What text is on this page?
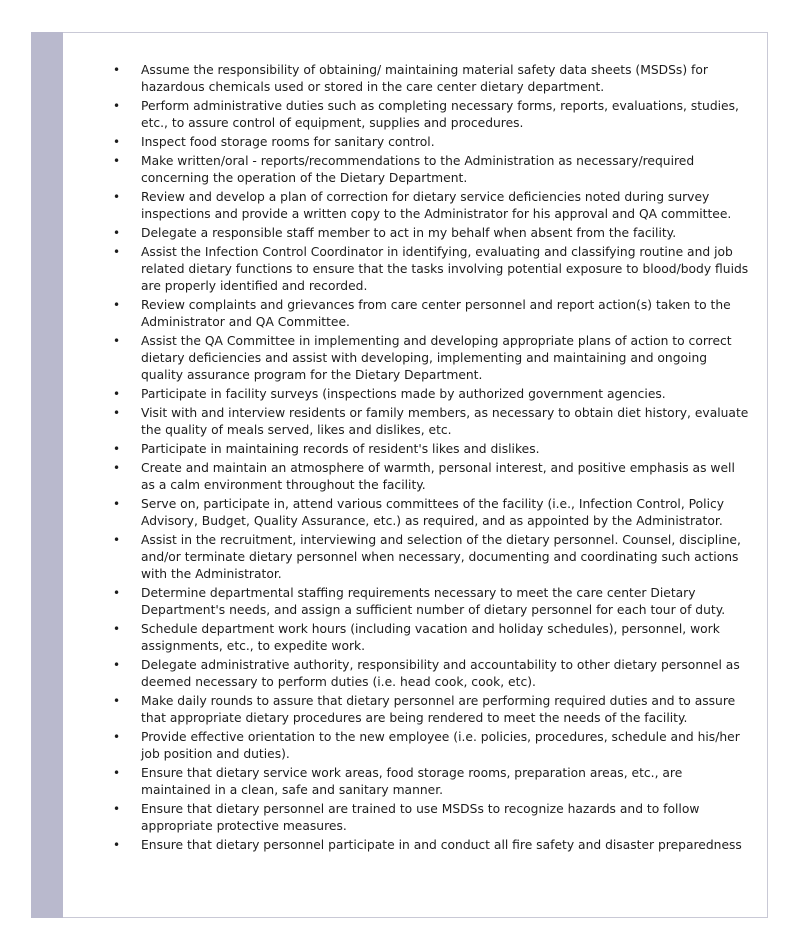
• Assume the responsibility of obtaining/ maintaining material safety data sheets (MSDSs) for hazardous chemicals used or stored in the care center dietary department.
• Perform administrative duties such as completing necessary forms, reports, evaluations, studies, etc., to assure control of equipment, supplies and procedures.
• Inspect food storage rooms for sanitary control.
• Make written/oral - reports/recommendations to the Administration as necessary/required concerning the operation of the Dietary Department.
• Review and develop a plan of correction for dietary service deficiencies noted during survey inspections and provide a written copy to the Administrator for his approval and QA committee.
• Delegate a responsible staff member to act in my behalf when absent from the facility.
• Assist the Infection Control Coordinator in identifying, evaluating and classifying routine and job related dietary functions to ensure that the tasks involving potential exposure to blood/body fluids are properly identified and recorded.
• Review complaints and grievances from care center personnel and report action(s) taken to the Administrator and QA Committee.
• Assist the QA Committee in implementing and developing appropriate plans of action to correct dietary deficiencies and assist with developing, implementing and maintaining and ongoing quality assurance program for the Dietary Department.
• Participate in facility surveys (inspections made by authorized government agencies.
• Visit with and interview residents or family members, as necessary to obtain diet history, evaluate the quality of meals served, likes and dislikes, etc.
• Participate in maintaining records of resident's likes and dislikes.
• Create and maintain an atmosphere of warmth, personal interest, and positive emphasis as well as a calm environment throughout the facility.
• Serve on, participate in, attend various committees of the facility (i.e., Infection Control, Policy Advisory, Budget, Quality Assurance, etc.) as required, and as appointed by the Administrator.
• Assist in the recruitment, interviewing and selection of the dietary personnel. Counsel, discipline, and/or terminate dietary personnel when necessary, documenting and coordinating such actions with the Administrator.
• Determine departmental staffing requirements necessary to meet the care center Dietary Department's needs, and assign a sufficient number of dietary personnel for each tour of duty.
• Schedule department work hours (including vacation and holiday schedules), personnel, work assignments, etc., to expedite work.
• Delegate administrative authority, responsibility and accountability to other dietary personnel as deemed necessary to perform duties (i.e. head cook, cook, etc).
• Make daily rounds to assure that dietary personnel are performing required duties and to assure that appropriate dietary procedures are being rendered to meet the needs of the facility.
• Provide effective orientation to the new employee (i.e. policies, procedures, schedule and his/her job position and duties).
• Ensure that dietary service work areas, food storage rooms, preparation areas, etc., are maintained in a clean, safe and sanitary manner.
• Ensure that dietary personnel are trained to use MSDSs to recognize hazards and to follow appropriate protective measures.
• Ensure that dietary personnel participate in and conduct all fire safety and disaster preparedness
